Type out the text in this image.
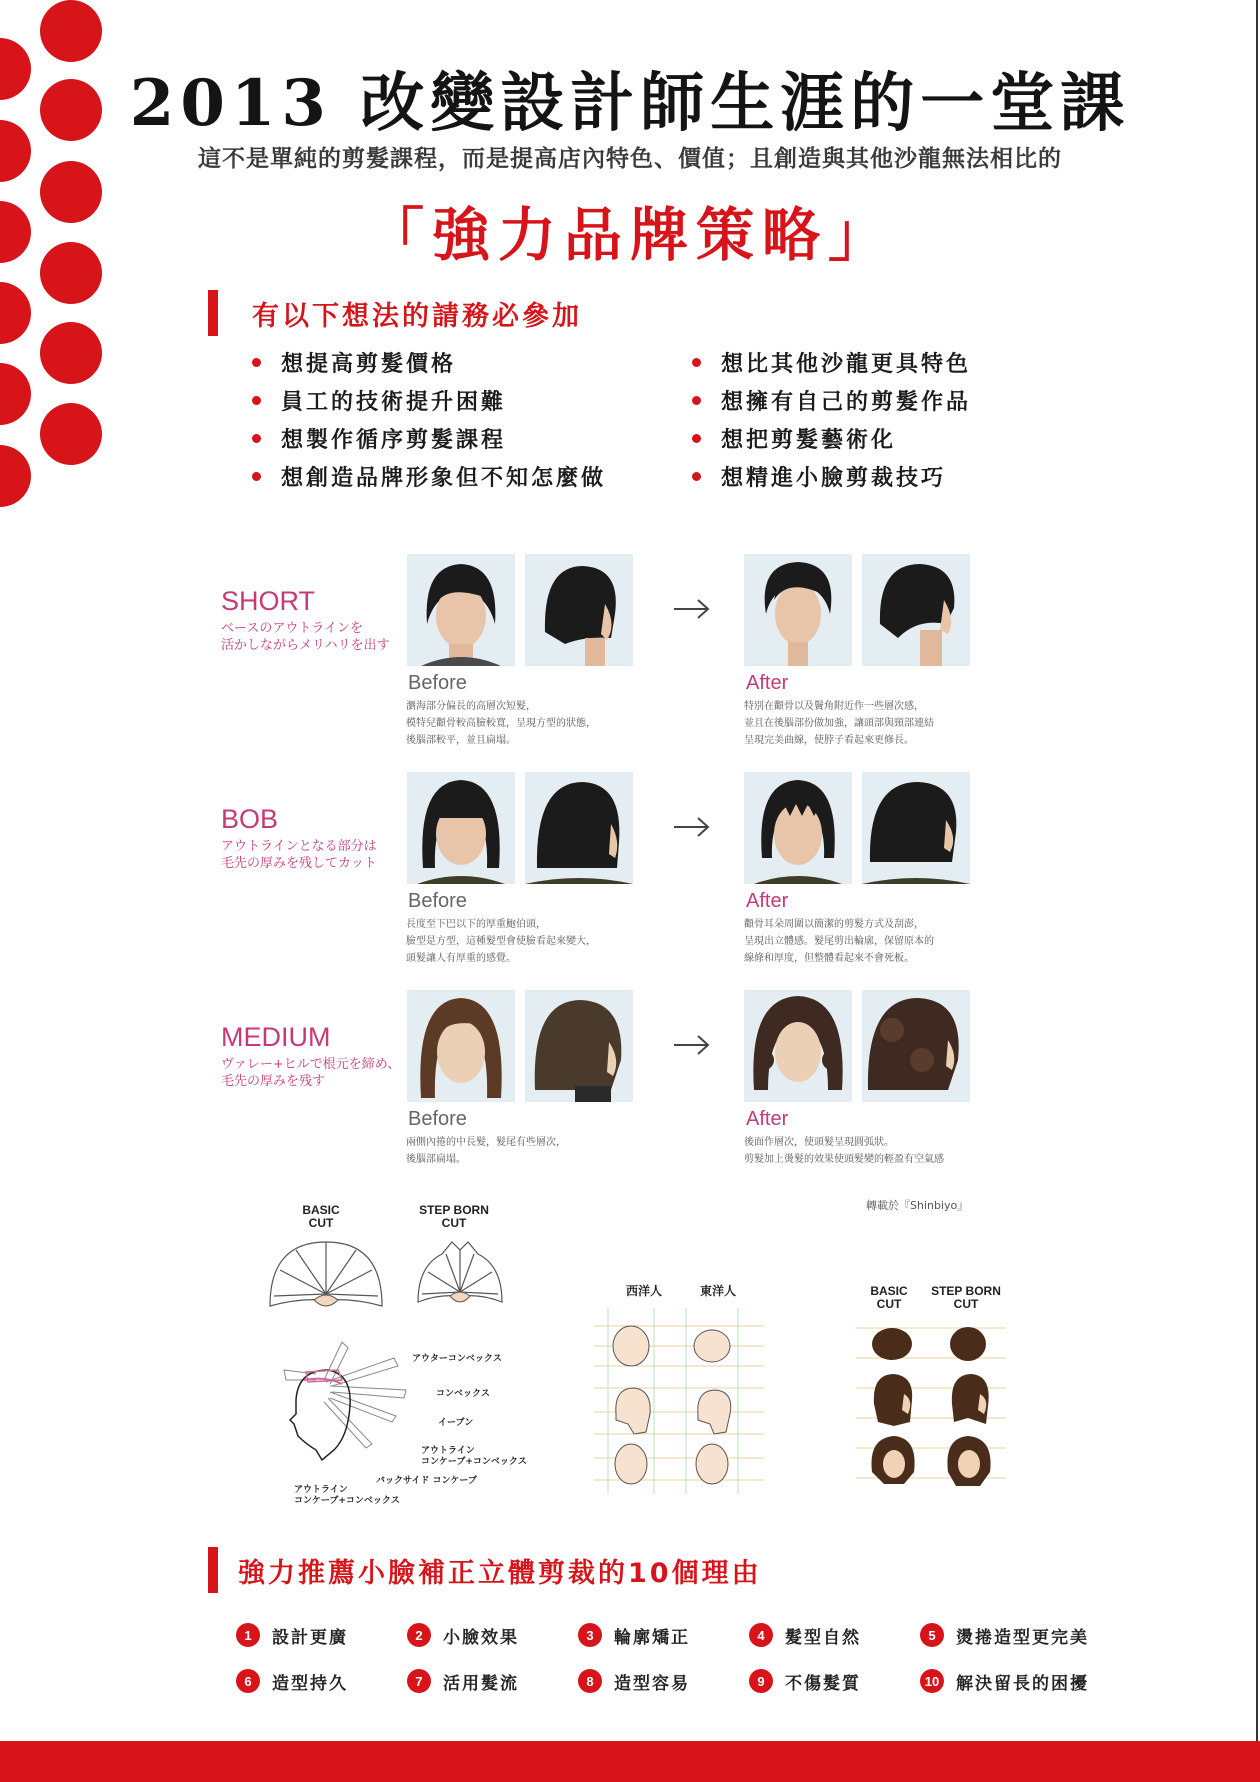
2013 改變設計師生涯的一堂課
這不是單純的剪髮課程，而是提高店內特色、價值；且創造與其他沙龍無法相比的
「強力品牌策略」
有以下想法的請務必參加
想提高剪髮價格	想比其他沙龍更具特色
員工的技術提升困難	想擁有自己的剪髮作品
想製作循序剪髮課程	想把剪髮藝術化
想創造品牌形象但不知怎麼做	想精進小臉剪裁技巧
SHORT
ベースのアウトラインを
活かしながらメリハリを出す
Before	After
瀏海部分偏長的高層次短髮，
模特兒顴骨較高臉較寬，呈現方型的狀態，
後腦部較平，並且扁塌。
特別在顴骨以及鬢角附近作一些層次感，
並且在後腦部份做加強，讓頭部與頸部連結
呈現完美曲線，使脖子看起來更修長。
BOB
アウトラインとなる部分は
毛先の厚みを残してカット
Before	After
長度至下巴以下的厚重鮑伯頭，
臉型是方型，這種髮型會使臉看起來變大，
頭髮讓人有厚重的感覺。
顴骨耳朵周圍以簡潔的剪髮方式及刮澎，
呈現出立體感。髮尾剪出輪廓，保留原本的
線條和厚度，但整體看起來不會死板。
MEDIUM
ヴァレー+ヒルで根元を締め、
毛先の厚みを残す
Before	After
兩側內捲的中長髮，髮尾有些層次，
後腦部扁塌。
後面作層次，使頭髮呈現圓弧狀。
剪髮加上燙髮的效果使頭髮變的輕盈有空氣感
轉載於『Shinbiyo』
BASIC
CUT
STEP BORN
CUT
アウターコンベックス
コンベックス
イーブン
アウトライン
コンケーブ+コンベックス
バックサイド コンケーブ
アウトライン
コンケーブ+コンベックス
西洋人	東洋人	BASIC
CUT
STEP BORN
CUT
強力推薦小臉補正立體剪裁的10個理由
1	設計更廣	2	小臉效果	3	輪廓矯正	4	髮型自然	5	燙捲造型更完美
6	造型持久	7	活用髮流	8	造型容易	9	不傷髮質	10 解決留長的困擾
